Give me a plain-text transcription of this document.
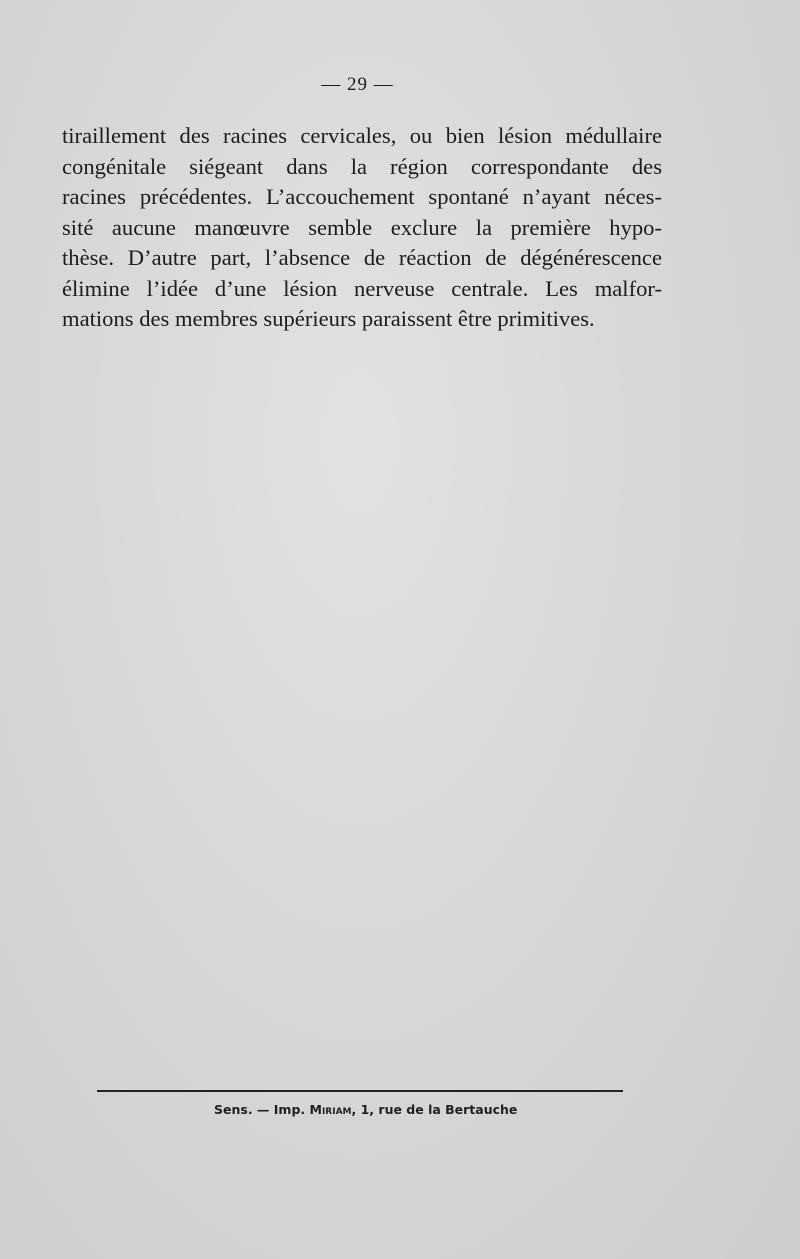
— 29 —
tiraillement des racines cervicales, ou bien lésion médullaire
congénitale siégeant dans la région correspondante des
racines précédentes. L’accouchement spontané n’ayant néces-
sité aucune manœuvre semble exclure la première hypo-
thèse. D’autre part, l’absence de réaction de dégénérescence
élimine l’idée d’une lésion nerveuse centrale. Les malfor-
mations des membres supérieurs paraissent être primitives.
Sens. — Imp. Miriam, 1, rue de la Bertauche
